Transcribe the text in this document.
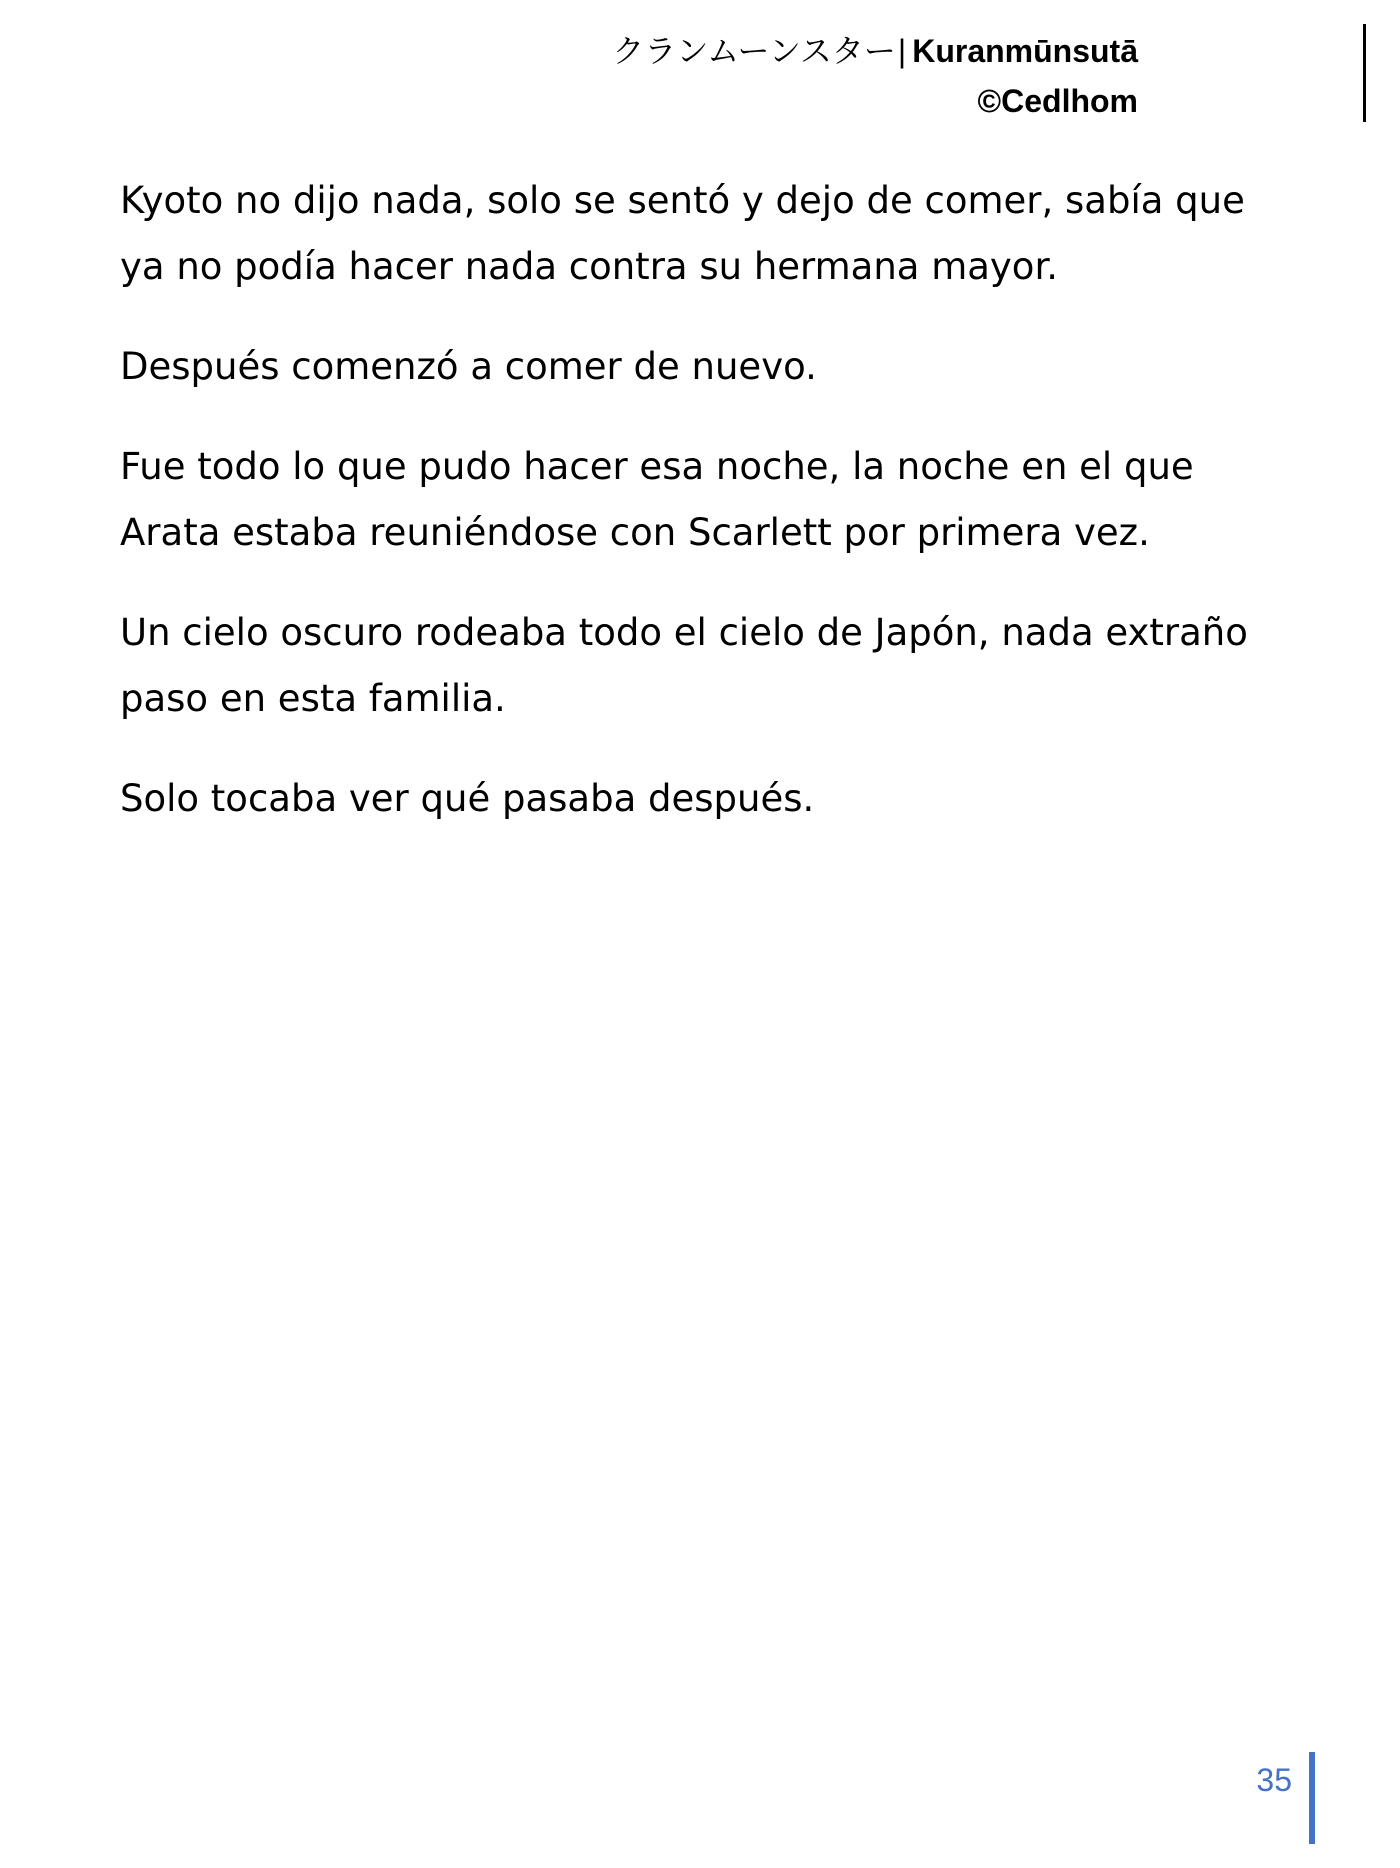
クランムーンスター| Kuranmūnsutā
©Cedlhom

Kyoto no dijo nada, solo se sentó y dejo de comer, sabía que ya no podía hacer nada contra su hermana mayor.

Después comenzó a comer de nuevo.

Fue todo lo que pudo hacer esa noche, la noche en el que Arata estaba reuniéndose con Scarlett por primera vez.

Un cielo oscuro rodeaba todo el cielo de Japón, nada extraño paso en esta familia.

Solo tocaba ver qué pasaba después.

35
